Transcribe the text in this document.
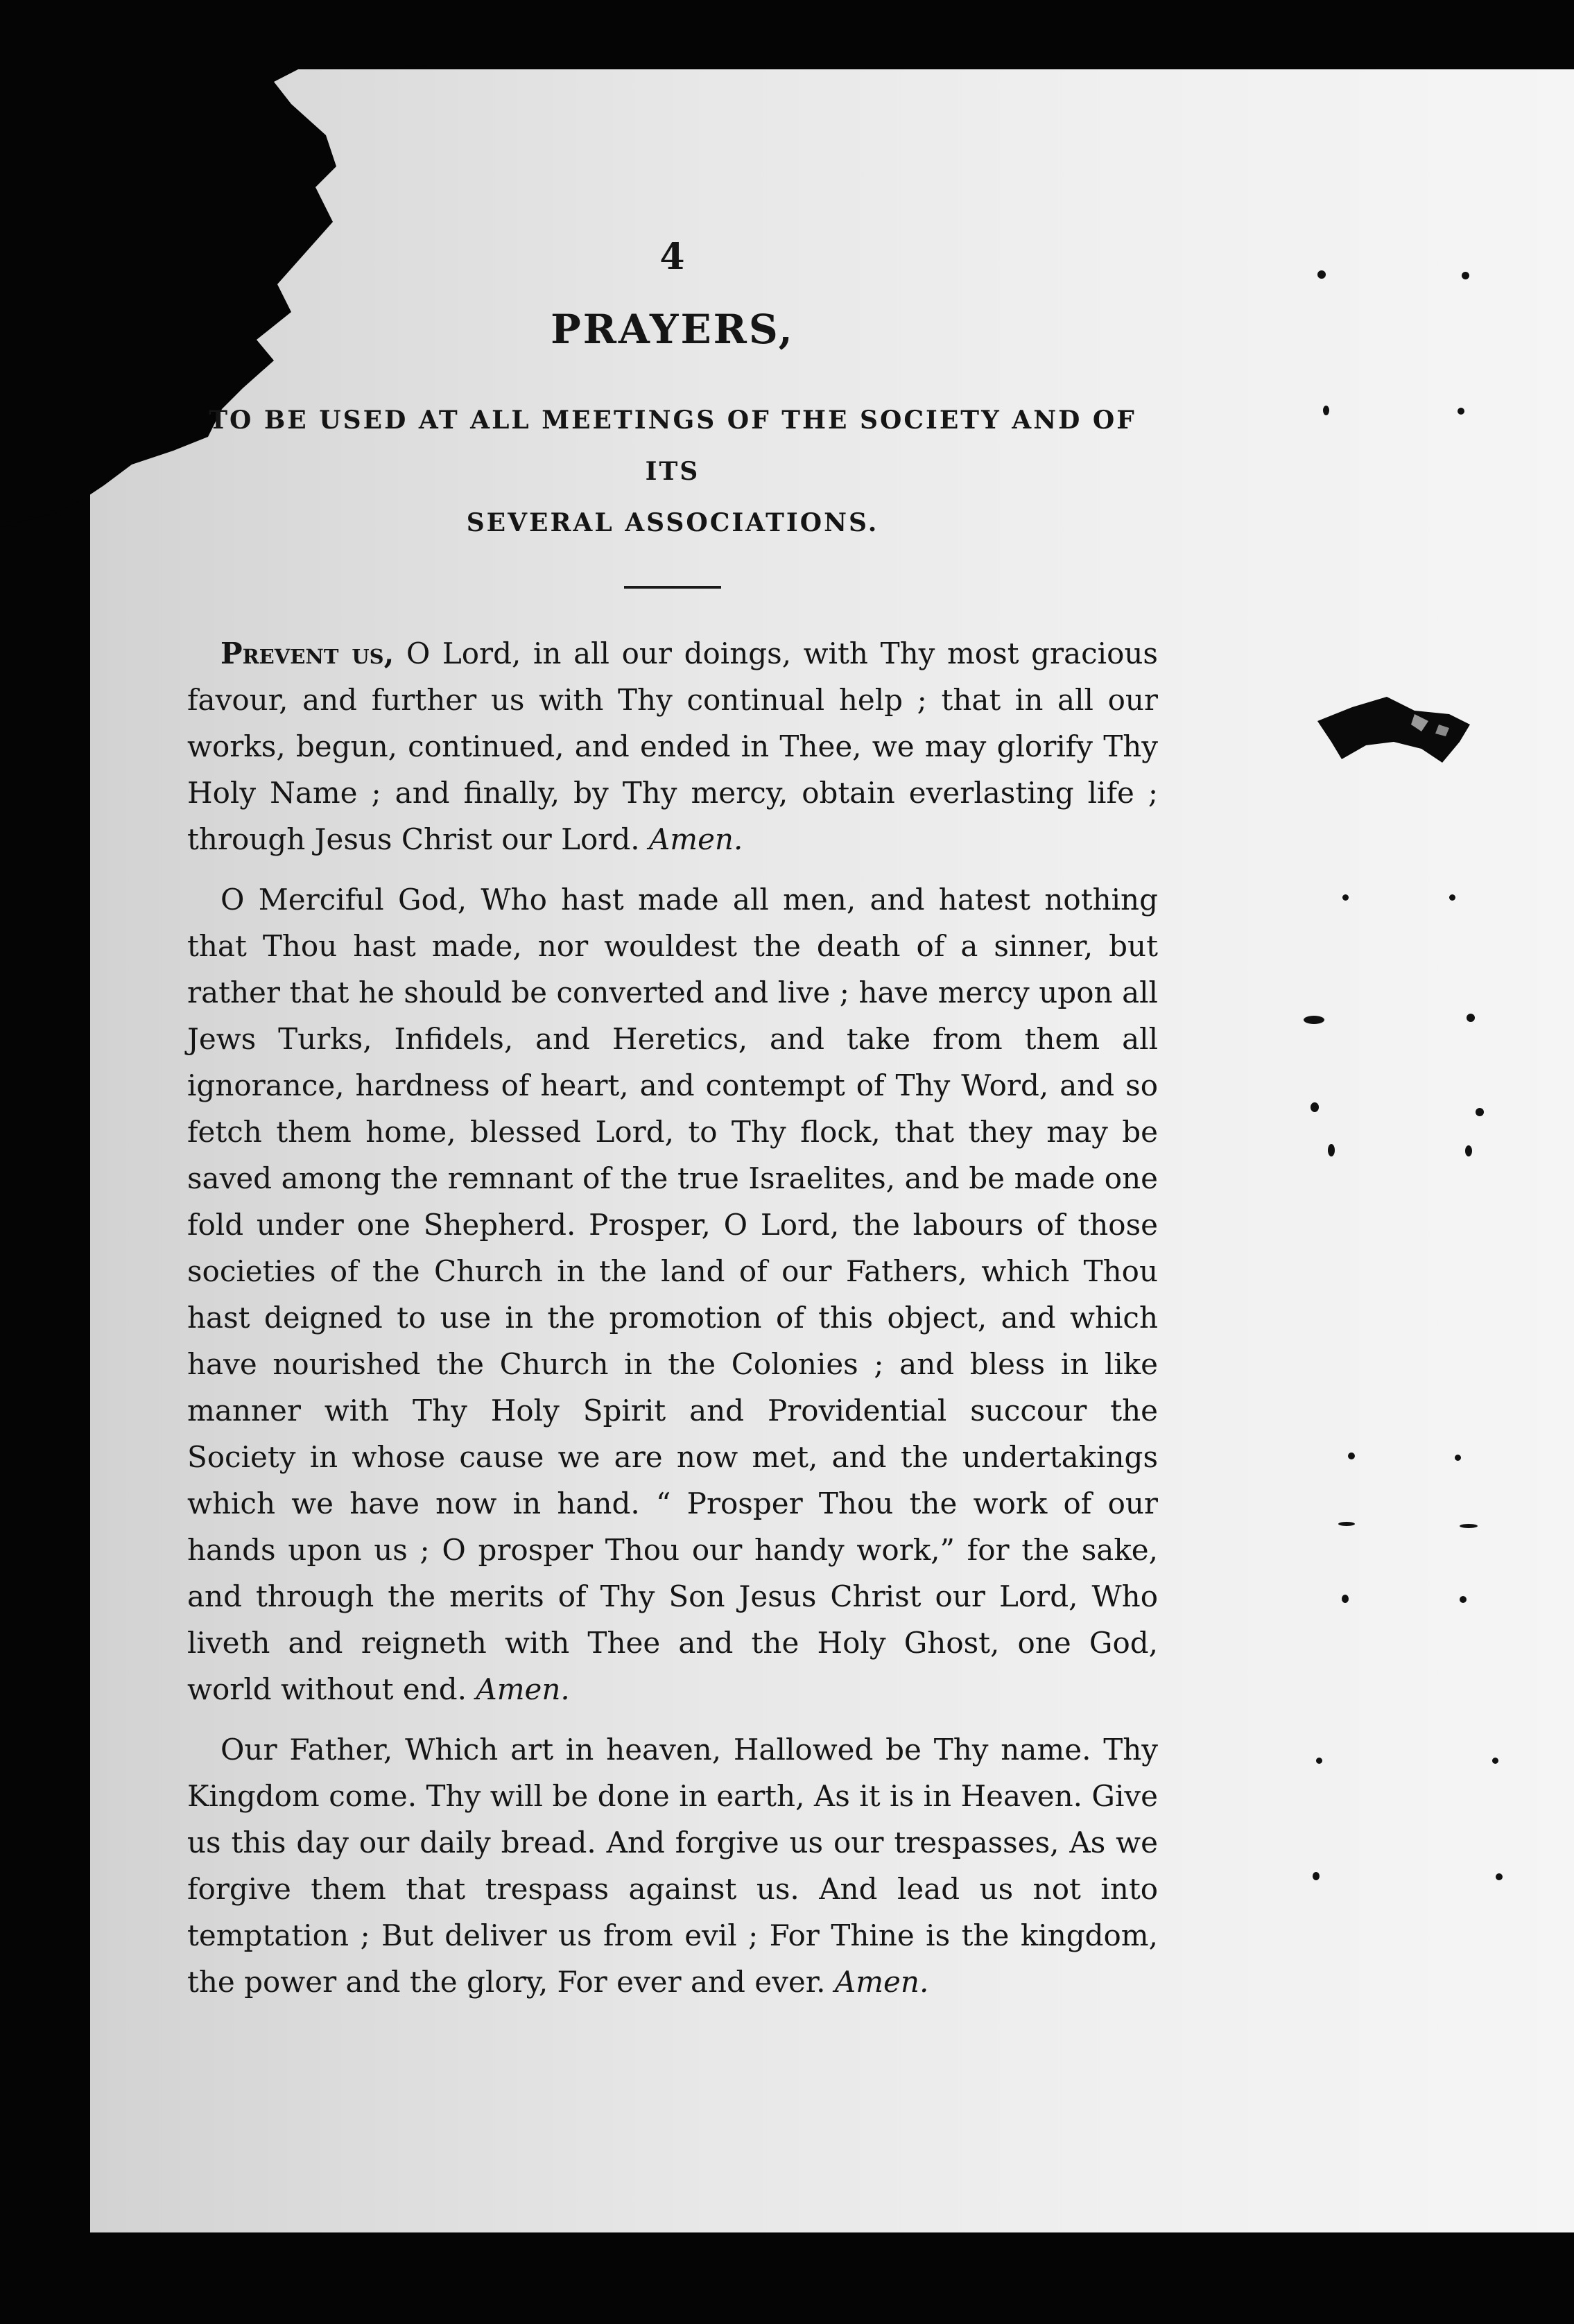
4
PRAYERS,
TO BE USED AT ALL MEETINGS OF THE SOCIETY AND OF ITS
SEVERAL ASSOCIATIONS.

Prevent us, O Lord, in all our doings, with Thy most gracious favour, and further us with Thy continual help ; that in all our works, begun, continued, and ended in Thee, we may glorify Thy Holy Name ; and finally, by Thy mercy, obtain everlasting life ; through Jesus Christ our Lord. Amen.

O Merciful God, Who hast made all men, and hatest nothing that Thou hast made, nor wouldest the death of a sinner, but rather that he should be converted and live ; have mercy upon all Jews Turks, Infidels, and Heretics, and take from them all ignorance, hardness of heart, and contempt of Thy Word, and so fetch them home, blessed Lord, to Thy flock, that they may be saved among the remnant of the true Israelites, and be made one fold under one Shepherd. Prosper, O Lord, the labours of those societies of the Church in the land of our Fathers, which Thou hast deigned to use in the promotion of this object, and which have nourished the Church in the Colonies ; and bless in like manner with Thy Holy Spirit and Providential succour the Society in whose cause we are now met, and the undertakings which we have now in hand. “ Prosper Thou the work of our hands upon us ; O prosper Thou our handy work,” for the sake, and through the merits of Thy Son Jesus Christ our Lord, Who liveth and reigneth with Thee and the Holy Ghost, one God, world without end. Amen.

Our Father, Which art in heaven, Hallowed be Thy name. Thy Kingdom come. Thy will be done in earth, As it is in Heaven. Give us this day our daily bread. And forgive us our trespasses, As we forgive them that trespass against us. And lead us not into temptation ; But deliver us from evil ; For Thine is the kingdom, the power and the glory, For ever and ever. Amen.
